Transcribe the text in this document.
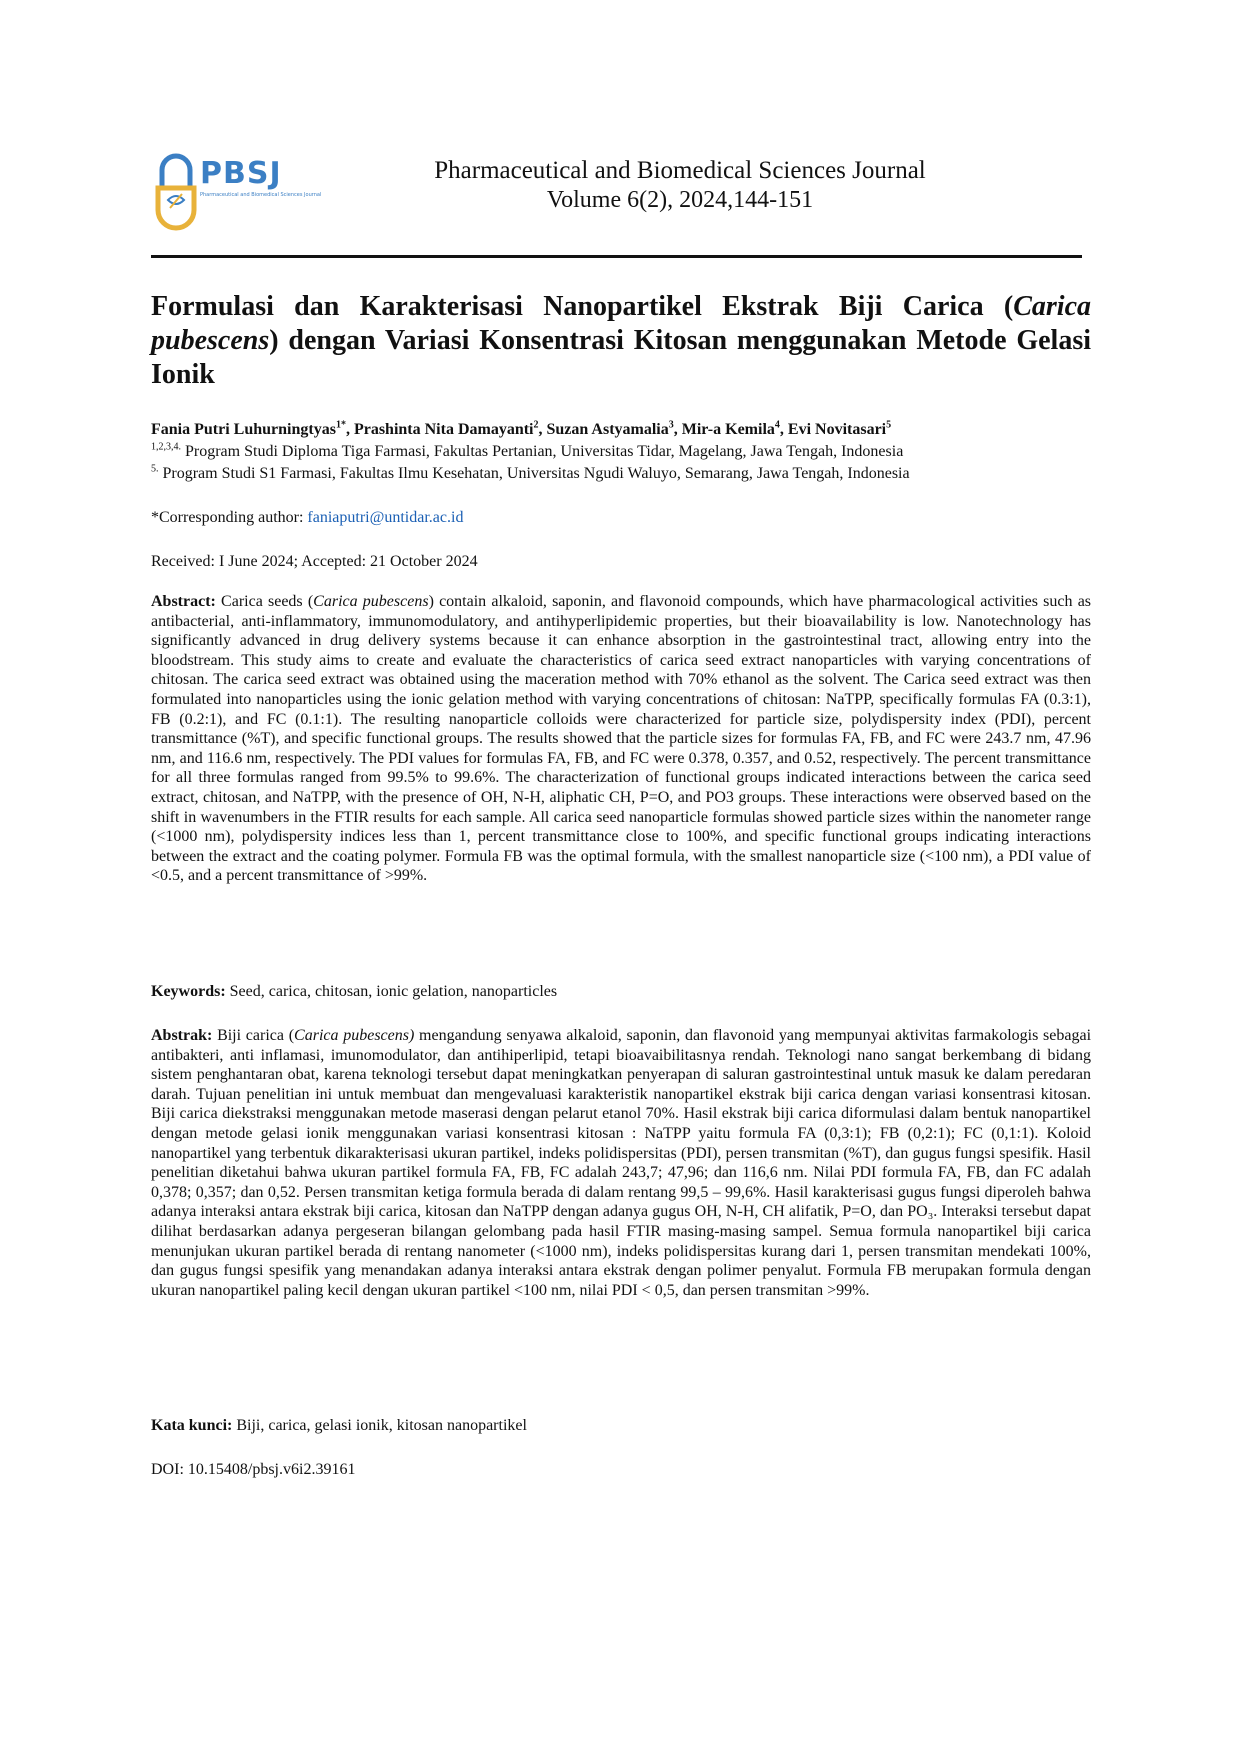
PBSJ
Pharmaceutical and Biomedical Sciences Journal
Pharmaceutical and Biomedical Sciences Journal
Volume 6(2), 2024,144-151
Formulasi dan Karakterisasi Nanopartikel Ekstrak Biji Carica (Carica pubescens) dengan Variasi Konsentrasi Kitosan menggunakan Metode Gelasi Ionik
Fania Putri Luhurningtyas$^{1*}$, Prashinta Nita Damayanti$^2$, Suzan Astyamalia$^3$, Mir-a Kemila$^4$, Evi Novitasari$^5$
$^{1,2,3,4.}$ Program Studi Diploma Tiga Farmasi, Fakultas Pertanian, Universitas Tidar, Magelang, Jawa Tengah, Indonesia
$^{5.}$ Program Studi S1 Farmasi, Fakultas Ilmu Kesehatan, Universitas Ngudi Waluyo, Semarang, Jawa Tengah, Indonesia
*Corresponding author: faniaputri@untidar.ac.id
Received: I June 2024; Accepted: 21 October 2024
Abstract: Carica seeds (Carica pubescens) contain alkaloid, saponin, and flavonoid compounds, which have pharmacological activities such as antibacterial, anti-inflammatory, immunomodulatory, and antihyperlipidemic properties, but their bioavailability is low. Nanotechnology has significantly advanced in drug delivery systems because it can enhance absorption in the gastrointestinal tract, allowing entry into the bloodstream. This study aims to create and evaluate the characteristics of carica seed extract nanoparticles with varying concentrations of chitosan. The carica seed extract was obtained using the maceration method with 70% ethanol as the solvent. The Carica seed extract was then formulated into nanoparticles using the ionic gelation method with varying concentrations of chitosan: NaTPP, specifically formulas FA (0.3:1), FB (0.2:1), and FC (0.1:1). The resulting nanoparticle colloids were characterized for particle size, polydispersity index (PDI), percent transmittance (%T), and specific functional groups. The results showed that the particle sizes for formulas FA, FB, and FC were 243.7 nm, 47.96 nm, and 116.6 nm, respectively. The PDI values for formulas FA, FB, and FC were 0.378, 0.357, and 0.52, respectively. The percent transmittance for all three formulas ranged from 99.5% to 99.6%. The characterization of functional groups indicated interactions between the carica seed extract, chitosan, and NaTPP, with the presence of OH, N-H, aliphatic CH, P=O, and PO3 groups. These interactions were observed based on the shift in wavenumbers in the FTIR results for each sample. All carica seed nanoparticle formulas showed particle sizes within the nanometer range (<1000 nm), polydispersity indices less than 1, percent transmittance close to 100%, and specific functional groups indicating interactions between the extract and the coating polymer. Formula FB was the optimal formula, with the smallest nanoparticle size (<100 nm), a PDI value of <0.5, and a percent transmittance of >99%.
Keywords: Seed, carica, chitosan, ionic gelation, nanoparticles
Abstrak: Biji carica (Carica pubescens) mengandung senyawa alkaloid, saponin, dan flavonoid yang mempunyai aktivitas farmakologis sebagai antibakteri, anti inflamasi, imunomodulator, dan antihiperlipid, tetapi bioavaibilitasnya rendah. Teknologi nano sangat berkembang di bidang sistem penghantaran obat, karena teknologi tersebut dapat meningkatkan penyerapan di saluran gastrointestinal untuk masuk ke dalam peredaran darah. Tujuan penelitian ini untuk membuat dan mengevaluasi karakteristik nanopartikel ekstrak biji carica dengan variasi konsentrasi kitosan. Biji carica diekstraksi menggunakan metode maserasi dengan pelarut etanol 70%. Hasil ekstrak biji carica diformulasi dalam bentuk nanopartikel dengan metode gelasi ionik menggunakan variasi konsentrasi kitosan : NaTPP yaitu formula FA (0,3:1); FB (0,2:1); FC (0,1:1). Koloid nanopartikel yang terbentuk dikarakterisasi ukuran partikel, indeks polidispersitas (PDI), persen transmitan (%T), dan gugus fungsi spesifik. Hasil penelitian diketahui bahwa ukuran partikel formula FA, FB, FC adalah 243,7; 47,96; dan 116,6 nm. Nilai PDI formula FA, FB, dan FC adalah 0,378; 0,357; dan 0,52. Persen transmitan ketiga formula berada di dalam rentang 99,5 – 99,6%. Hasil karakterisasi gugus fungsi diperoleh bahwa adanya interaksi antara ekstrak biji carica, kitosan dan NaTPP dengan adanya gugus OH, N-H, CH alifatik, P=O, dan PO₃. Interaksi tersebut dapat dilihat berdasarkan adanya pergeseran bilangan gelombang pada hasil FTIR masing-masing sampel. Semua formula nanopartikel biji carica menunjukan ukuran partikel berada di rentang nanometer (<1000 nm), indeks polidispersitas kurang dari 1, persen transmitan mendekati 100%, dan gugus fungsi spesifik yang menandakan adanya interaksi antara ekstrak dengan polimer penyalut. Formula FB merupakan formula dengan ukuran nanopartikel paling kecil dengan ukuran partikel <100 nm, nilai PDI < 0,5, dan persen transmitan >99%.
Kata kunci: Biji, carica, gelasi ionik, kitosan nanopartikel
DOI: 10.15408/pbsj.v6i2.39161
